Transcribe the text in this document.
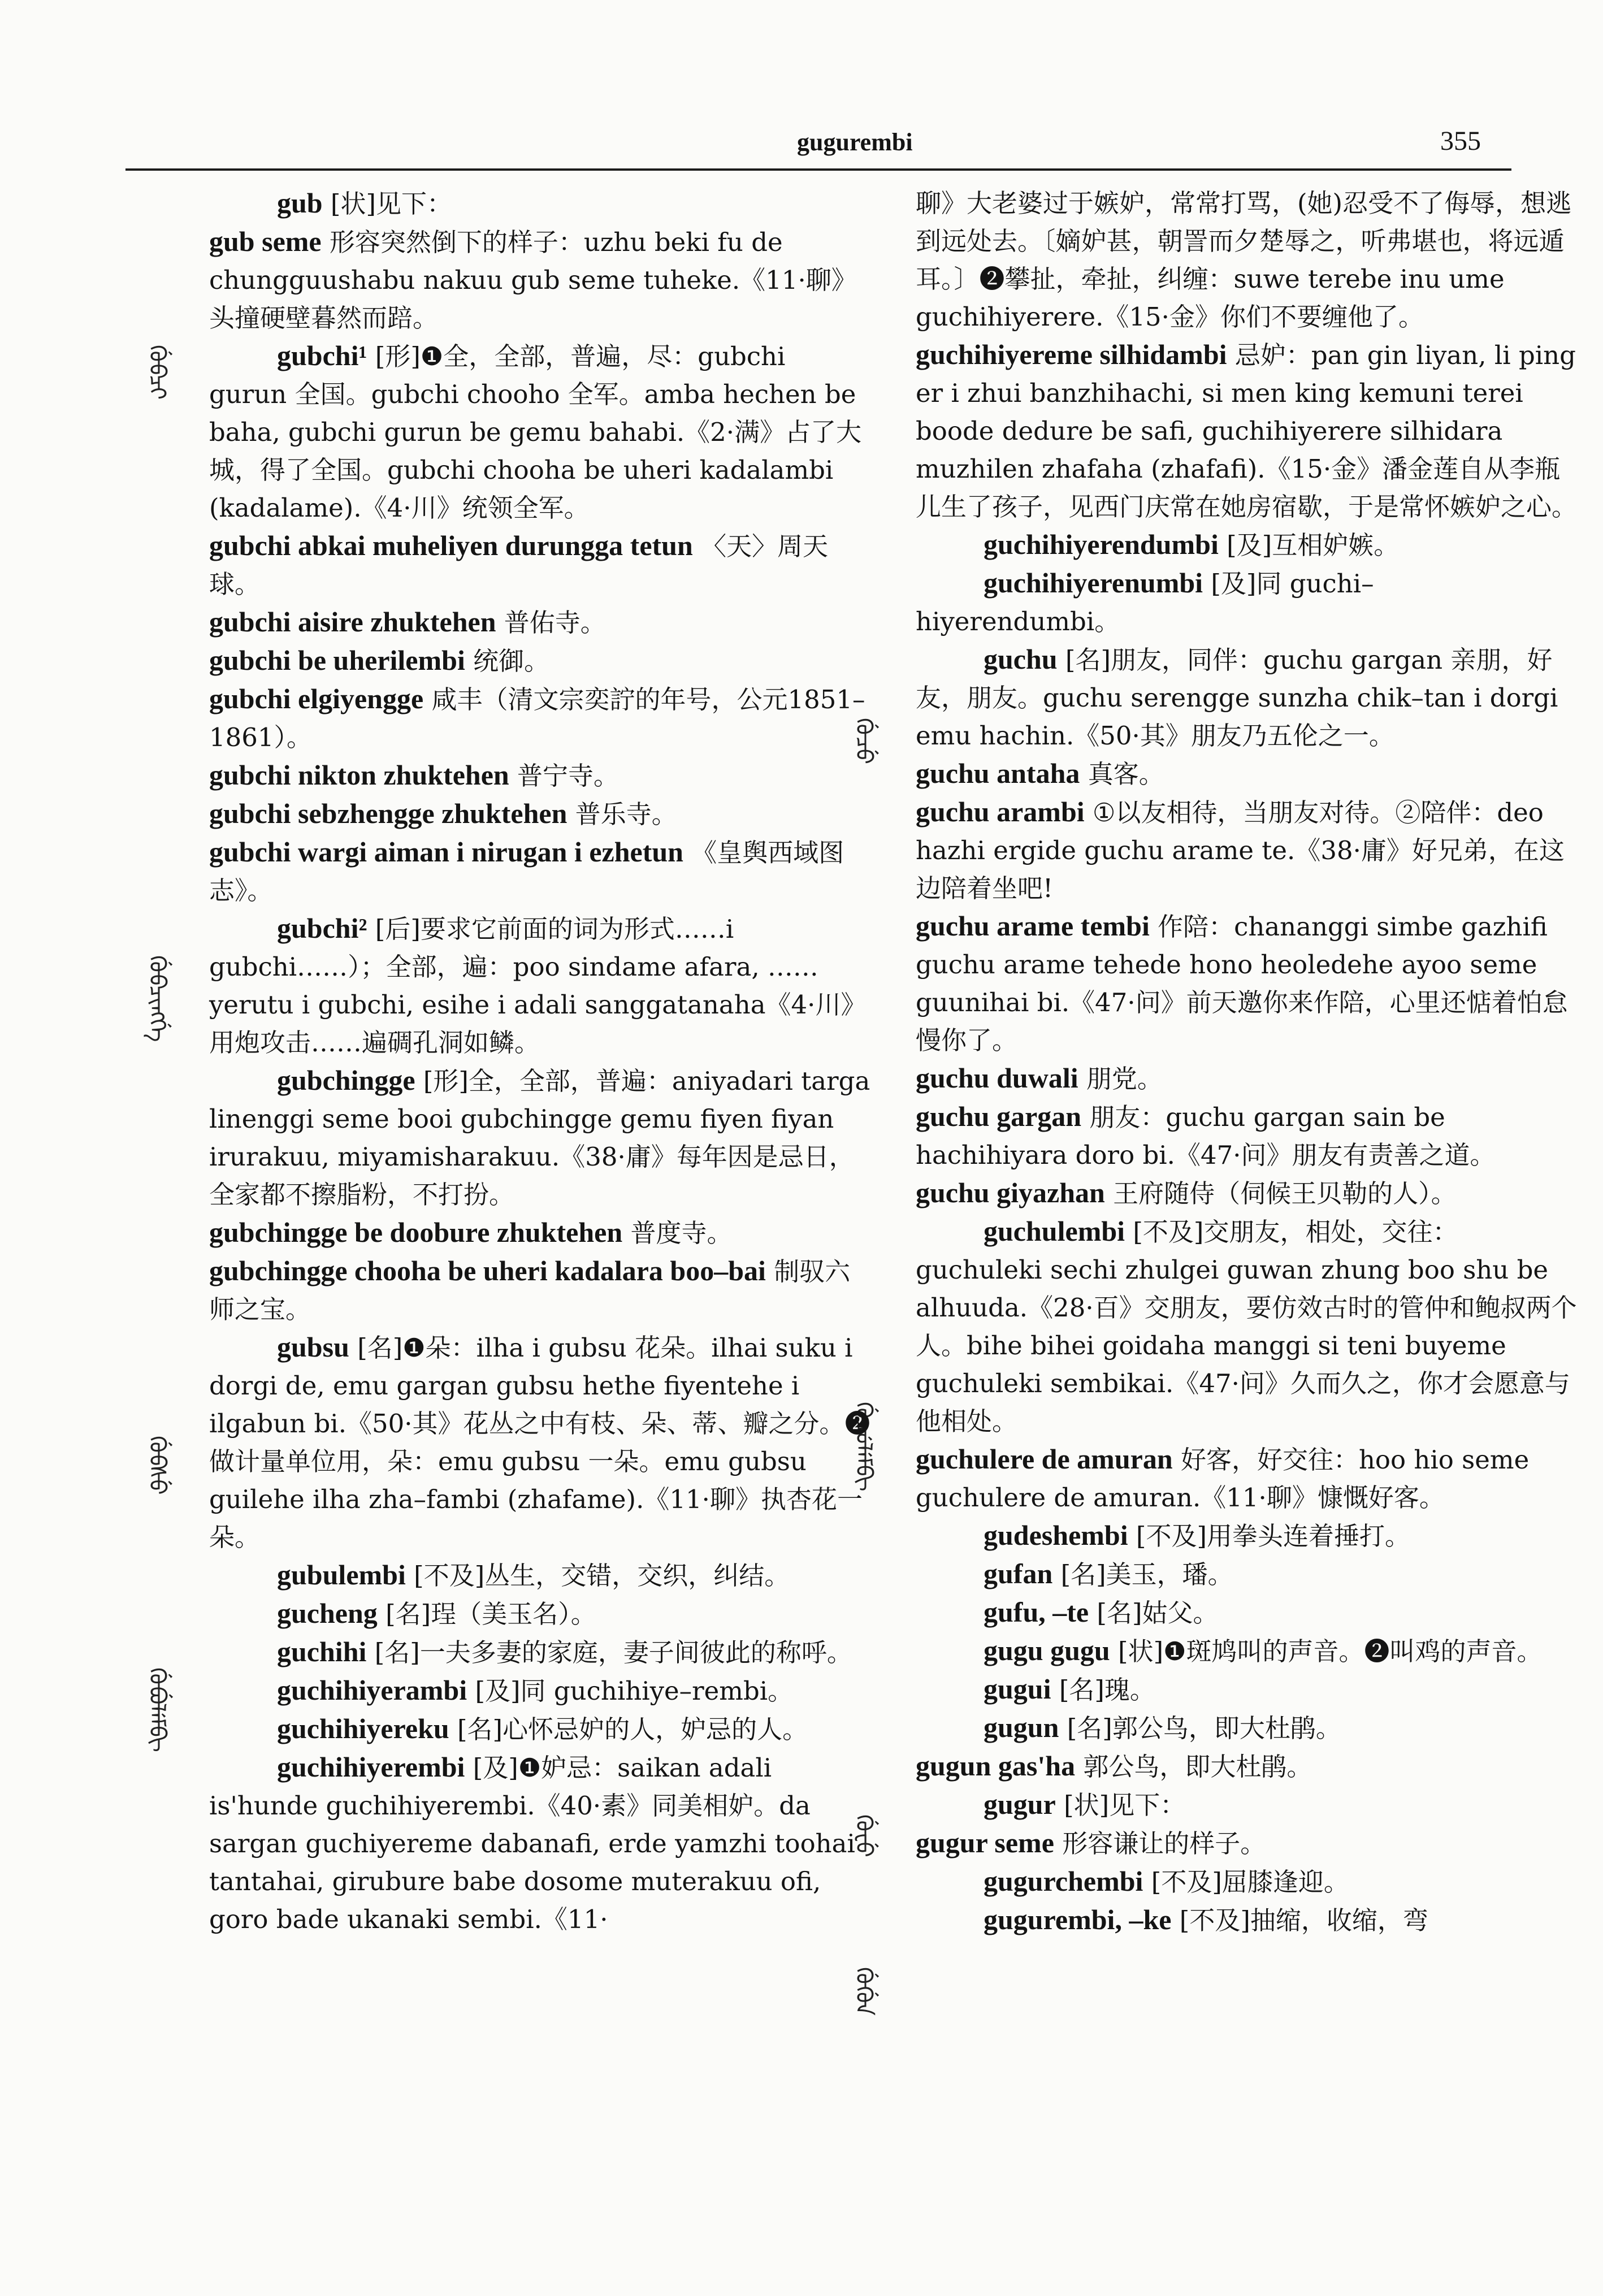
gugurembi	355
ᡤᡠᠪᠴᡳ
ᡤᡠᠪᠴᡳᠩᡤᡝ
ᡤᡠᠪᠰᡠ
ᡤᡠᠪᡠᠯᡝᠮᠪᡳ
ᡤᡠᠴᡠ
ᡤᡠᠴᡠᠯᡝᠮᠪᡳ
ᡤᡠᡶᡠ
ᡤᡠᡤᡠᠨ

gub [状]见下：

gub seme 形容突然倒下的样子：uzhu beki fu de chungguushabu nakuu gub seme tuheke.《11·聊》头撞硬壁暮然而踣。

gubchi¹ [形]❶全，全部，普遍，尽：gubchi gurun 全国。gubchi chooho 全军。amba hechen be baha, gubchi gurun be gemu bahabi.《2·满》占了大城，得了全国。gubchi chooha be uheri kadalambi (kadalame).《4·川》统领全军。

gubchi abkai muheliyen durungga tetun 〈天〉周天球。

gubchi aisire zhuktehen 普佑寺。

gubchi be uherilembi 统御。

gubchi elgiyengge 咸丰（清文宗奕詝的年号，公元1851–1861）。

gubchi nikton zhuktehen 普宁寺。

gubchi sebzhengge zhuktehen 普乐寺。

gubchi wargi aiman i nirugan i ezhetun 《皇舆西域图志》。

gubchi² [后]要求它前面的词为形式……i gubchi……）；全部，遍：poo sindame afara, ……yerutu i gubchi, esihe i adali sanggatanaha《4·川》用炮攻击……遍碉孔洞如鳞。

gubchingge [形]全，全部，普遍：aniyadari targa linenggi seme booi gubchingge gemu fiyen fiyan irurakuu, miyamisharakuu.《38·庸》每年因是忌日，全家都不擦脂粉，不打扮。

gubchingge be doobure zhuktehen 普度寺。

gubchingge chooha be uheri kadalara boo–bai 制驭六师之宝。

gubsu [名]❶朵：ilha i gubsu 花朵。ilhai suku i dorgi de, emu gargan gubsu hethe fiyentehe i ilgabun bi.《50·其》花丛之中有枝、朵、蒂、瓣之分。❷做计量单位用，朵：emu gubsu 一朵。emu gubsu guilehe ilha zha–fambi (zhafame).《11·聊》执杏花一朵。

gubulembi [不及]丛生，交错，交织，纠结。

gucheng [名]珵（美玉名）。

guchihi [名]一夫多妻的家庭，妻子间彼此的称呼。

guchihiyerambi [及]同 guchihiye–rembi。

guchihiyereku [名]心怀忌妒的人，妒忌的人。

guchihiyerembi [及]❶妒忌：saikan adali is'hunde guchihiyerembi.《40·素》同美相妒。da sargan guchiyereme dabanafi, erde yamzhi toohai tantahai, girubure babe dosome muterakuu ofi, goro bade ukanaki sembi.《11·

聊》大老婆过于嫉妒，常常打骂，(她)忍受不了侮辱，想逃到远处去。〔嫡妒甚，朝詈而夕楚辱之，听弗堪也，将远遁耳。〕❷攀扯，牵扯，纠缠：suwe terebe inu ume guchihiyerere.《15·金》你们不要缠他了。

guchihiyereme silhidambi 忌妒：pan gin liyan, li ping er i zhui banzhihachi, si men king kemuni terei boode dedure be safi, guchihiyerere silhidara muzhilen zhafaha (zhafafi).《15·金》潘金莲自从李瓶儿生了孩子，见西门庆常在她房宿歇，于是常怀嫉妒之心。

guchihiyerendumbi [及]互相妒嫉。

guchihiyerenumbi [及]同 guchi–hiyerendumbi。

guchu [名]朋友，同伴：guchu gargan 亲朋，好友，朋友。guchu serengge sunzha chik–tan i dorgi emu hachin.《50·其》朋友乃五伦之一。

guchu antaha 真客。

guchu arambi ①以友相待，当朋友对待。②陪伴：deo hazhi ergide guchu arame te.《38·庸》好兄弟，在这边陪着坐吧!

guchu arame tembi 作陪：chananggi simbe gazhifi guchu arame tehede hono heoledehe ayoo seme guunihai bi.《47·问》前天邀你来作陪，心里还惦着怕怠慢你了。

guchu duwali 朋党。

guchu gargan 朋友：guchu gargan sain be hachihiyara doro bi.《47·问》朋友有责善之道。

guchu giyazhan 王府随侍（伺候王贝勒的人）。

guchulembi [不及]交朋友，相处，交往：guchuleki sechi zhulgei guwan zhung boo shu be alhuuda.《28·百》交朋友，要仿效古时的管仲和鲍叔两个人。bihe bihei goidaha manggi si teni buyeme guchuleki sembikai.《47·问》久而久之，你才会愿意与他相处。

guchulere de amuran 好客，好交往：hoo hio seme guchulere de amuran.《11·聊》慷慨好客。

gudeshembi [不及]用拳头连着捶打。

gufan [名]美玉，璠。

gufu, –te [名]姑父。

gugu gugu [状]❶斑鸠叫的声音。❷叫鸡的声音。

gugui [名]瑰。

gugun [名]郭公鸟，即大杜鹃。

gugun gas'ha 郭公鸟，即大杜鹃。

gugur [状]见下：

gugur seme 形容谦让的样子。

gugurchembi [不及]屈膝逢迎。

gugurembi, –ke [不及]抽缩，收缩，弯
